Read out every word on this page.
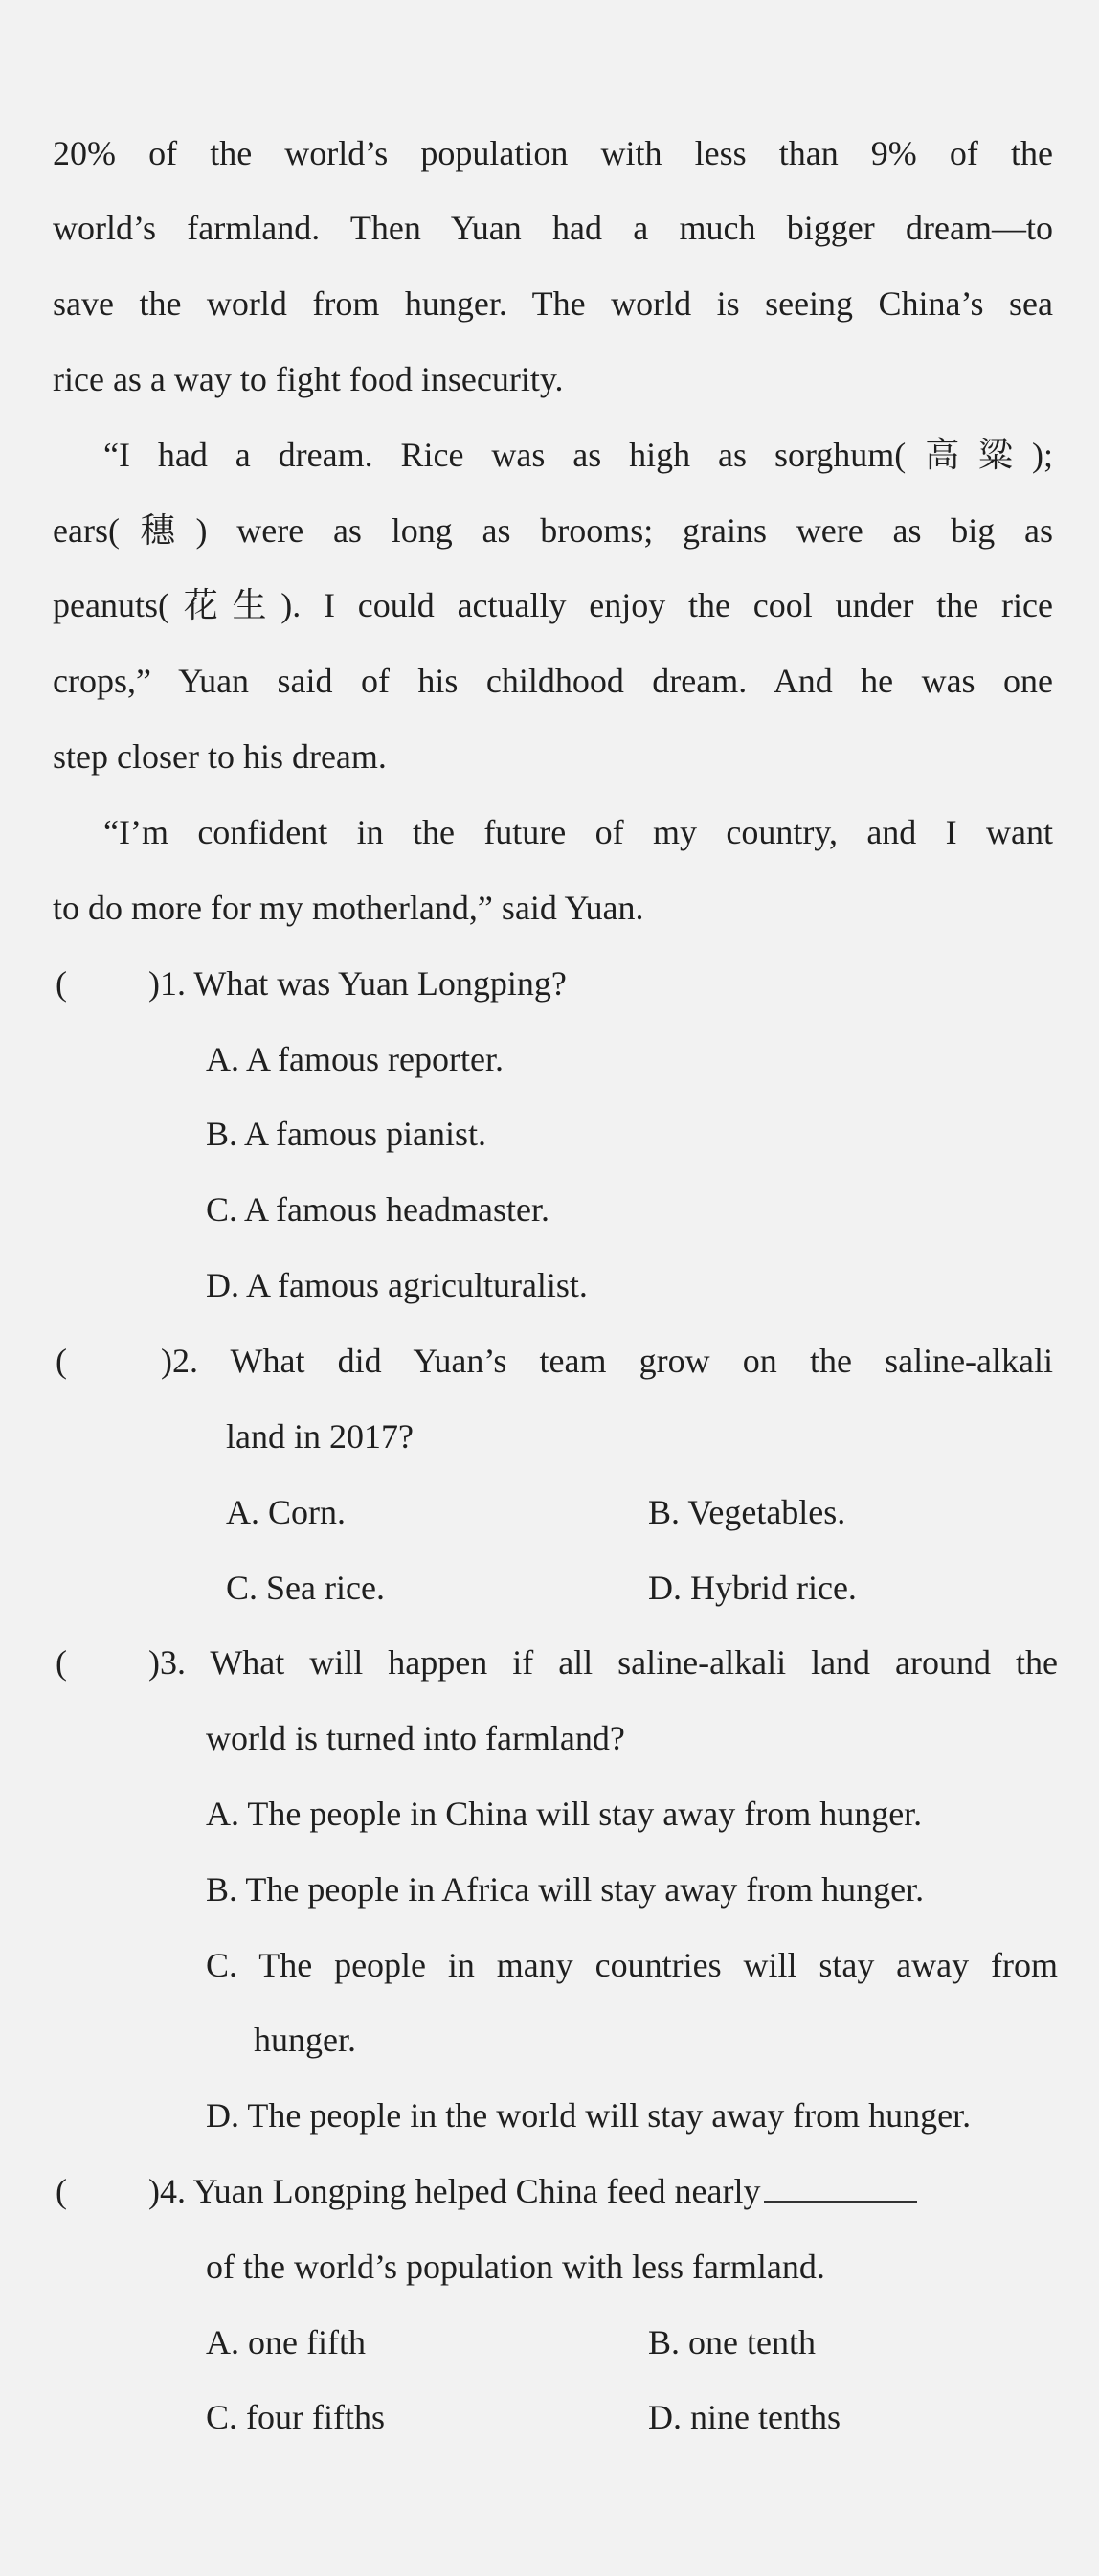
20% of the world’s population with less than 9% of the
world’s farmland. Then Yuan had a much bigger dream—to
save the world from hunger. The world is seeing China’s sea
rice as a way to fight food insecurity.
“I had a dream. Rice was as high as sorghum(高粱);
ears(穗) were as long as brooms; grains were as big as
peanuts(花生). I could actually enjoy the cool under the rice
crops,” Yuan said of his childhood dream. And he was one
step closer to his dream.
“I’m confident in the future of my country, and I want
to do more for my motherland,” said Yuan.
( )1. What was Yuan Longping?
A. A famous reporter.
B. A famous pianist.
C. A famous headmaster.
D. A famous agriculturalist.
(	)2. What did Yuan’s team grow on the saline-alkali
land in 2017?
A. Corn.	B. Vegetables.
C. Sea rice.	D. Hybrid rice.
( )3. What will happen if all saline-alkali land around the
world is turned into farmland?
A. The people in China will stay away from hunger.
B. The people in Africa will stay away from hunger.
C. The people in many countries will stay away from
hunger.
D. The people in the world will stay away from hunger.
( )4. Yuan Longping helped China feed nearly
of the world’s population with less farmland.
A. one fifth	B. one tenth
C. four fifths	D. nine tenths
